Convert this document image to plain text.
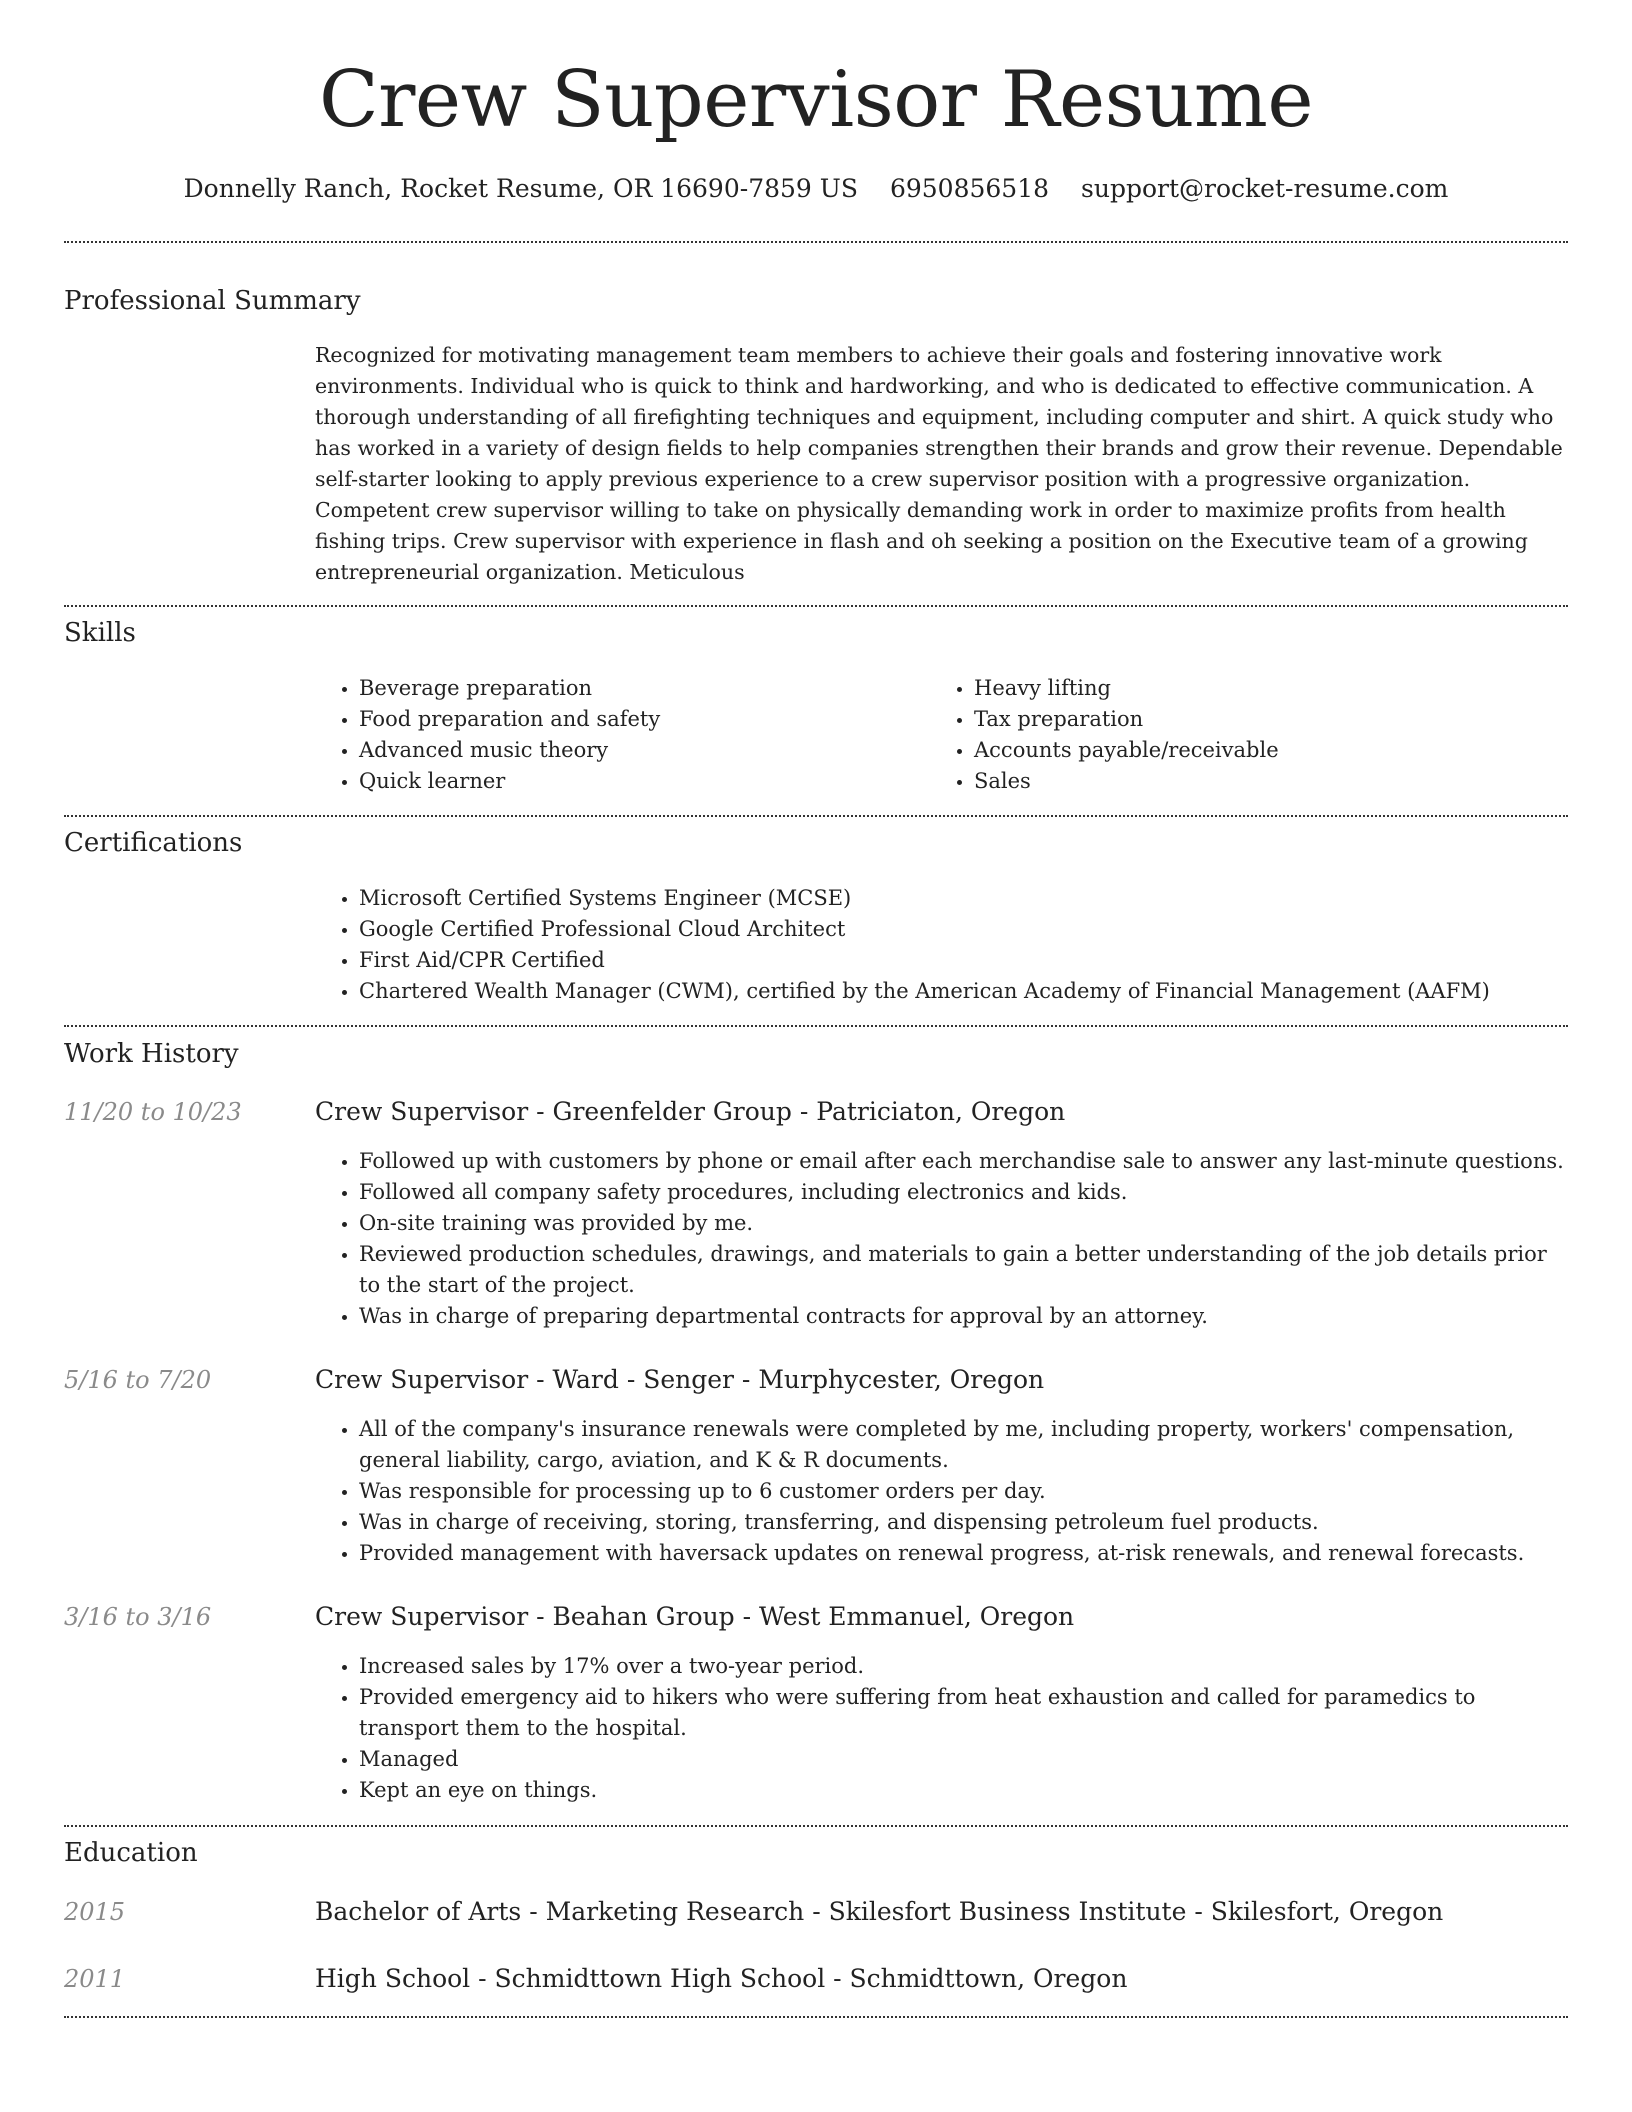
Crew Supervisor Resume
Donnelly Ranch, Rocket Resume, OR 16690-7859 US 6950856518 support@rocket-resume.com
Professional Summary

Recognized for motivating management team members to achieve their goals and fostering innovative work environments. Individual who is quick to think and hardworking, and who is dedicated to effective communication. A thorough understanding of all firefighting techniques and equipment, including computer and shirt. A quick study who has worked in a variety of design fields to help companies strengthen their brands and grow their revenue. Dependable self-starter looking to apply previous experience to a crew supervisor position with a progressive organization. Competent crew supervisor willing to take on physically demanding work in order to maximize profits from health fishing trips. Crew supervisor with experience in flash and oh seeking a position on the Executive team of a growing entrepreneurial organization. Meticulous

Skills
• Beverage preparation
• Food preparation and safety
• Advanced music theory
• Quick learner
• Heavy lifting
• Tax preparation
• Accounts payable/receivable
• Sales
Certifications
• Microsoft Certified Systems Engineer (MCSE)
• Google Certified Professional Cloud Architect
• First Aid/CPR Certified
• Chartered Wealth Manager (CWM), certified by the American Academy of Financial Management (AAFM)
Work History
11/20 to 10/23	Crew Supervisor - Greenfelder Group - Patriciaton, Oregon
• Followed up with customers by phone or email after each merchandise sale to answer any last-minute questions.
• Followed all company safety procedures, including electronics and kids.
• On-site training was provided by me.
• Reviewed production schedules, drawings, and materials to gain a better understanding of the job details prior to the start of the project.
• Was in charge of preparing departmental contracts for approval by an attorney.
5/16 to 7/20	Crew Supervisor - Ward - Senger - Murphycester, Oregon
• All of the company's insurance renewals were completed by me, including property, workers' compensation, general liability, cargo, aviation, and K & R documents.
• Was responsible for processing up to 6 customer orders per day.
• Was in charge of receiving, storing, transferring, and dispensing petroleum fuel products.
• Provided management with haversack updates on renewal progress, at-risk renewals, and renewal forecasts.
3/16 to 3/16	Crew Supervisor - Beahan Group - West Emmanuel, Oregon
• Increased sales by 17% over a two-year period.
• Provided emergency aid to hikers who were suffering from heat exhaustion and called for paramedics to transport them to the hospital.
• Managed
• Kept an eye on things.
Education
2015	Bachelor of Arts - Marketing Research - Skilesfort Business Institute - Skilesfort, Oregon
2011	High School - Schmidttown High School - Schmidttown, Oregon
